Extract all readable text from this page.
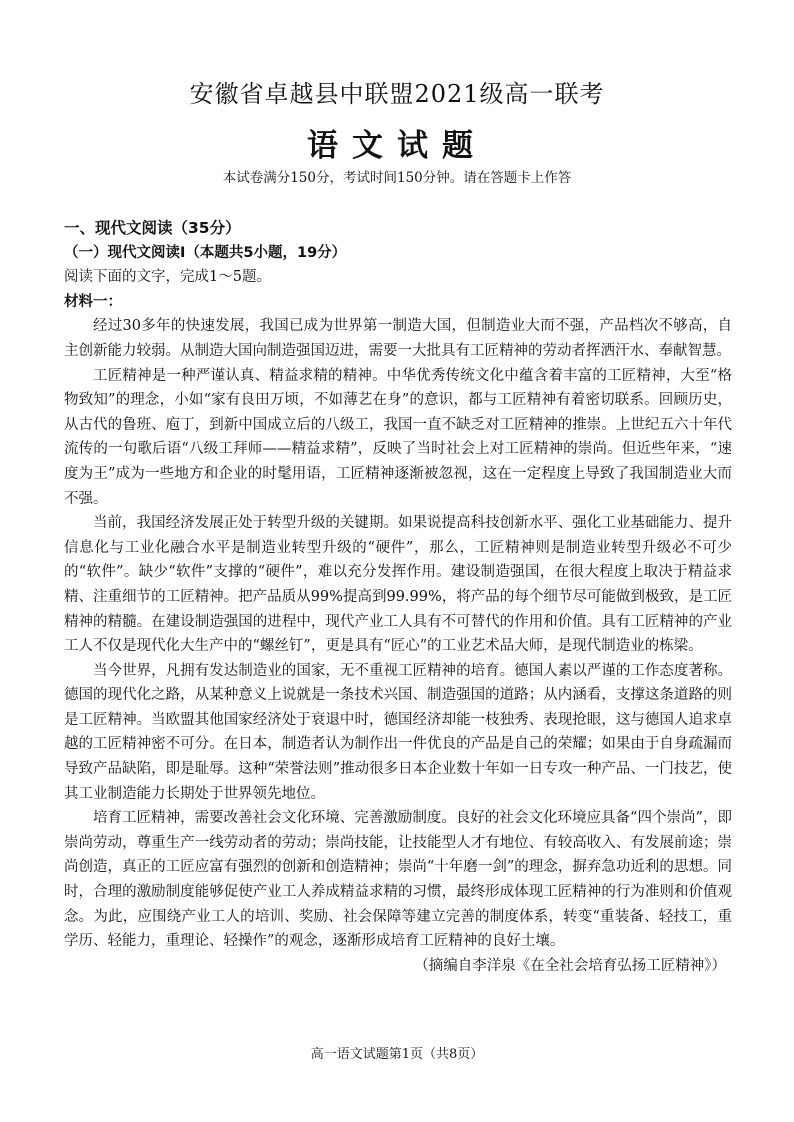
安徽省卓越县中联盟2021级高一联考
语文试题
本试卷满分150分，考试时间150分钟。请在答题卡上作答
一、现代文阅读（35分）
（一）现代文阅读Ⅰ（本题共5小题，19分）
阅读下面的文字，完成1～5题。
材料一：

经过30多年的快速发展，我国已成为世界第一制造大国，但制造业大而不强，产品档次不够高，自主创新能力较弱。从制造大国向制造强国迈进，需要一大批具有工匠精神的劳动者挥洒汗水、奉献智慧。

工匠精神是一种严谨认真、精益求精的精神。中华优秀传统文化中蕴含着丰富的工匠精神，大至“格物致知”的理念，小如“家有良田万顷，不如薄艺在身”的意识，都与工匠精神有着密切联系。回顾历史，从古代的鲁班、庖丁，到新中国成立后的八级工，我国一直不缺乏对工匠精神的推崇。上世纪五六十年代流传的一句歌后语“八级工拜师——精益求精”，反映了当时社会上对工匠精神的崇尚。但近些年来，“速度为王”成为一些地方和企业的时髦用语，工匠精神逐渐被忽视，这在一定程度上导致了我国制造业大而不强。

当前，我国经济发展正处于转型升级的关键期。如果说提高科技创新水平、强化工业基础能力、提升信息化与工业化融合水平是制造业转型升级的“硬件”，那么，工匠精神则是制造业转型升级必不可少的“软件”。缺少“软件”支撑的“硬件”，难以充分发挥作用。建设制造强国，在很大程度上取决于精益求精、注重细节的工匠精神。把产品质从99%提高到99.99%，将产品的每个细节尽可能做到极致，是工匠精神的精髓。在建设制造强国的进程中，现代产业工人具有不可替代的作用和价值。具有工匠精神的产业工人不仅是现代化大生产中的“螺丝钉”，更是具有“匠心”的工业艺术品大师，是现代制造业的栋梁。

当今世界，凡拥有发达制造业的国家，无不重视工匠精神的培育。德国人素以严谨的工作态度著称。德国的现代化之路，从某种意义上说就是一条技术兴国、制造强国的道路；从内涵看，支撑这条道路的则是工匠精神。当欧盟其他国家经济处于衰退中时，德国经济却能一枝独秀、表现抢眼，这与德国人追求卓越的工匠精神密不可分。在日本，制造者认为制作出一件优良的产品是自己的荣耀；如果由于自身疏漏而导致产品缺陷，即是耻辱。这种“荣誉法则”推动很多日本企业数十年如一日专攻一种产品、一门技艺，使其工业制造能力长期处于世界领先地位。

培育工匠精神，需要改善社会文化环境、完善激励制度。良好的社会文化环境应具备“四个崇尚”，即崇尚劳动，尊重生产一线劳动者的劳动；崇尚技能，让技能型人才有地位、有较高收入、有发展前途；崇尚创造，真正的工匠应富有强烈的创新和创造精神；崇尚“十年磨一剑”的理念，摒弃急功近利的思想。同时，合理的激励制度能够促使产业工人养成精益求精的习惯，最终形成体现工匠精神的行为准则和价值观念。为此，应围绕产业工人的培训、奖励、社会保障等建立完善的制度体系，转变“重装备、轻技工，重学历、轻能力，重理论、轻操作”的观念，逐渐形成培育工匠精神的良好土壤。

（摘编自李洋泉《在全社会培育弘扬工匠精神》）

高一语文试题第1页（共8页）
